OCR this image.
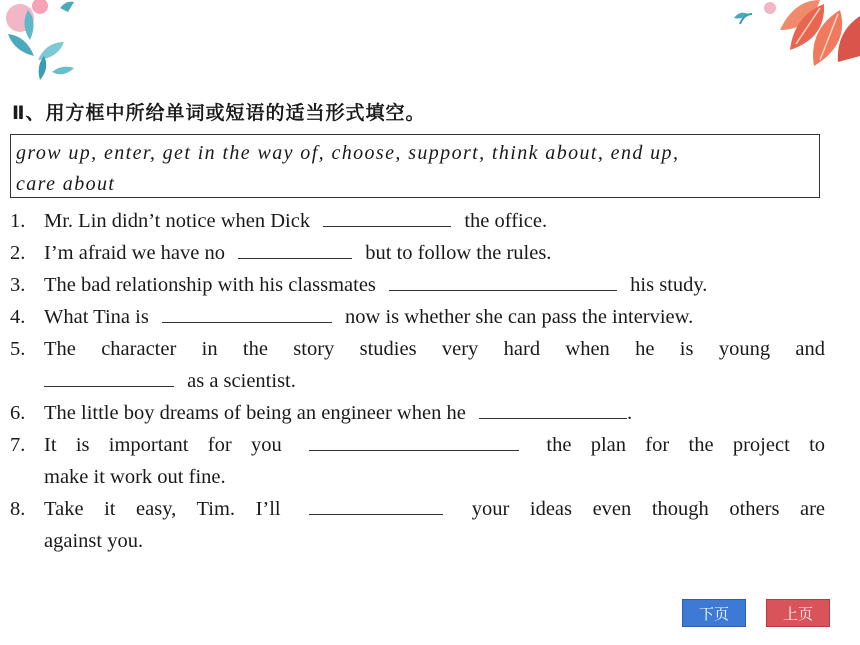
Ⅱ、用方框中所给单词或短语的适当形式填空。
grow up, enter, get in the way of, choose, support, think about, end up,
care about
1. Mr. Lin didn’t notice when Dick	the office.
2. I’m afraid we have no	but to follow the rules.
3. The bad relationship with his classmates	his study.
4. What Tina is	now is whether she can pass the interview.
5. The character in the story studies very hard when he is young and
as a scientist.
6. The little boy dreams of being an engineer when he	.
7. It is important for you	the plan for the project to
make it work out fine.
8. Take it easy, Tim. I’ll	your ideas even though others are
against you.
下页	上页
